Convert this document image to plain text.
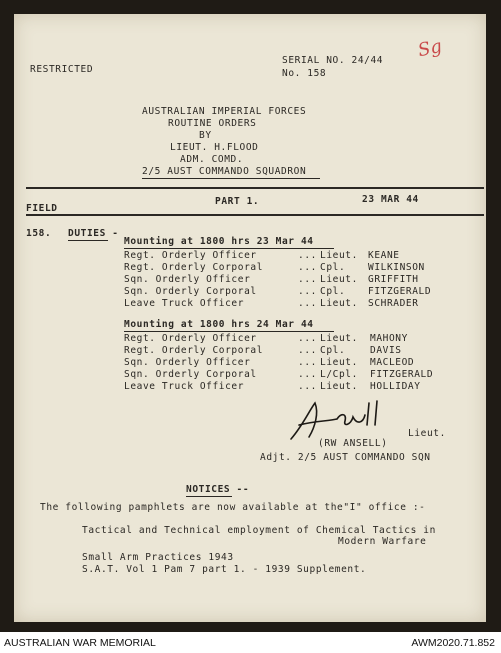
RESTRICTED
SERIAL NO. 24/44
No. 158
Sg
AUSTRALIAN IMPERIAL FORCES
ROUTINE ORDERS
BY
LIEUT. H.FLOOD
ADM. COMD.
2/5 AUST COMMANDO SQUADRON
FIELD
PART 1.	23 MAR 44
158. DUTIES -
Mounting at 1800 hrs 23 Mar 44
Regt. Orderly Officer	... Lieut. KEANE
Regt. Orderly Corporal	... Cpl. WILKINSON
Sqn. Orderly Officer	... Lieut. GRIFFITH
Sqn. Orderly Corporal	... Cpl. FITZGERALD
Leave Truck Officer	... Lieut. SCHRADER
Mounting at 1800 hrs 24 Mar 44
Regt. Orderly Officer	... Lieut. MAHONY
Regt. Orderly Corporal	... Cpl.	DAVIS
Sqn. Orderly Officer	... Lieut. MACLEOD
Sqn. Orderly Corporal	... L/Cpl. FITZGERALD
Leave Truck Officer	... Lieut. HOLLIDAY
Lieut.
(RW ANSELL)
Adjt. 2/5 AUST COMMANDO SQN
NOTICES --
The following pamphlets are now available at the"I" office :-
Tactical and Technical employment of Chemical Tactics in
Modern Warfare
Small Arm Practices 1943
S.A.T. Vol 1 Pam 7 part 1. - 1939 Supplement.
AUSTRALIAN WAR MEMORIAL	AWM2020.71.852
